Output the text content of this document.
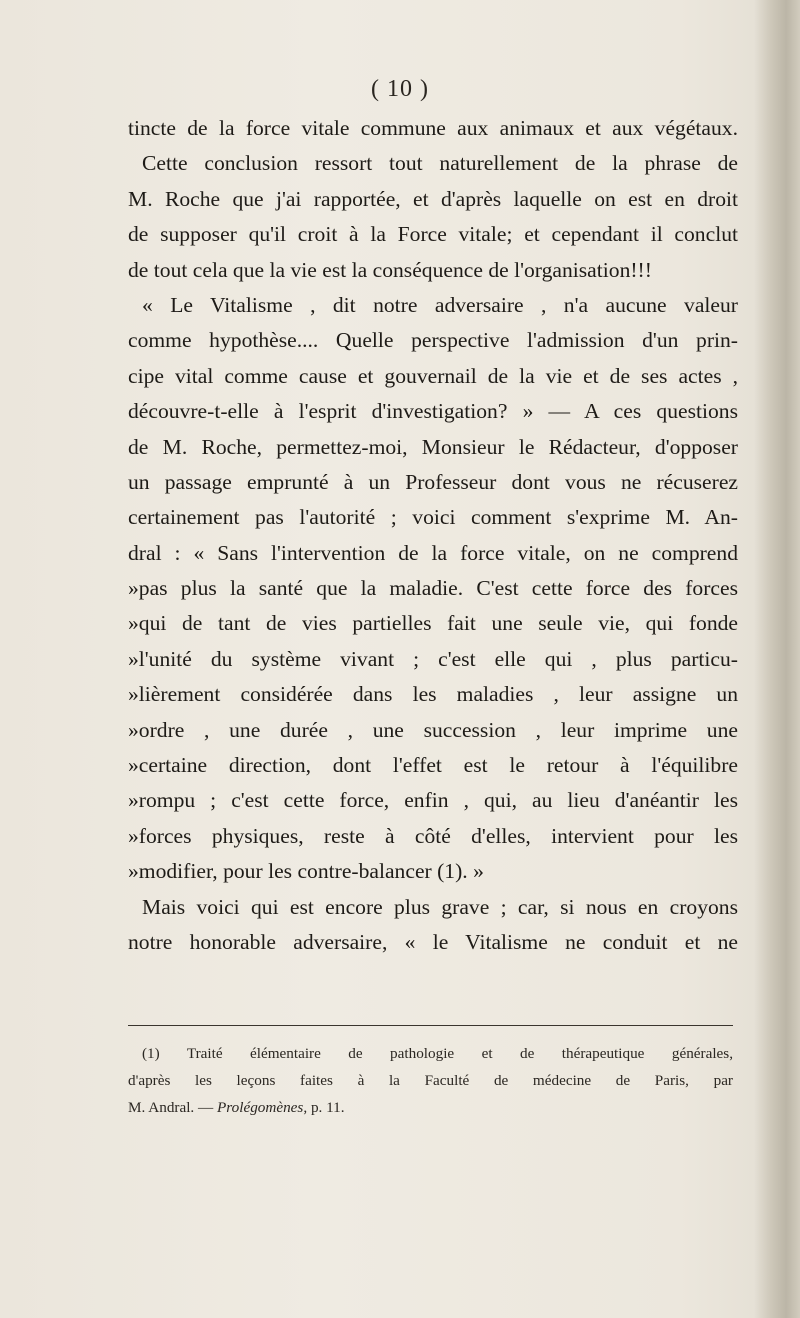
( 10 )
tincte de la force vitale commune aux animaux et aux végétaux.
Cette conclusion ressort tout naturellement de la phrase de
M. Roche que j'ai rapportée, et d'après laquelle on est en droit
de supposer qu'il croit à la Force vitale; et cependant il conclut
de tout cela que la vie est la conséquence de l'organisation!!!
« Le Vitalisme , dit notre adversaire , n'a aucune valeur
comme hypothèse.... Quelle perspective l'admission d'un prin-
cipe vital comme cause et gouvernail de la vie et de ses actes ,
découvre-t-elle à l'esprit d'investigation? » — A ces questions
de M. Roche, permettez-moi, Monsieur le Rédacteur, d'opposer
un passage emprunté à un Professeur dont vous ne récuserez
certainement pas l'autorité ; voici comment s'exprime M. An-
dral : « Sans l'intervention de la force vitale, on ne comprend
»pas plus la santé que la maladie. C'est cette force des forces
»qui de tant de vies partielles fait une seule vie, qui fonde
»l'unité du système vivant ; c'est elle qui , plus particu-
»lièrement considérée dans les maladies , leur assigne un
»ordre , une durée , une succession , leur imprime une
»certaine direction, dont l'effet est le retour à l'équilibre
»rompu ; c'est cette force, enfin , qui, au lieu d'anéantir les
»forces physiques, reste à côté d'elles, intervient pour les
»modifier, pour les contre-balancer (1). »
Mais voici qui est encore plus grave ; car, si nous en croyons
notre honorable adversaire, « le Vitalisme ne conduit et ne
(1) Traité élémentaire de pathologie et de thérapeutique générales,
d'après les leçons faites à la Faculté de médecine de Paris, par
M. Andral. — Prolégomènes, p. 11.
